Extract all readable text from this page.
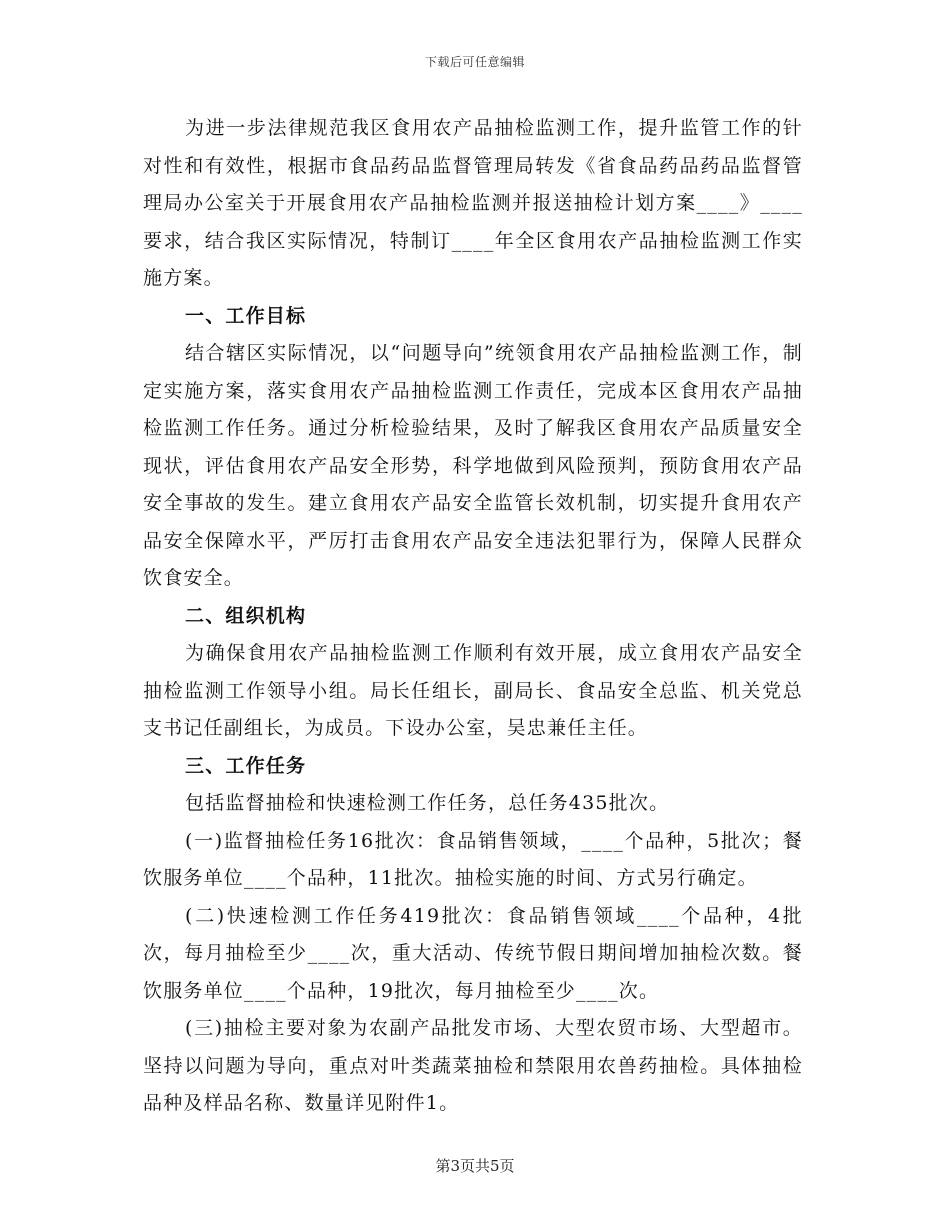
下载后可任意编辑

为进一步法律规范我区食用农产品抽检监测工作，提升监管工作的针对性和有效性，根据市食品药品监督管理局转发《省食品药品药品监督管理局办公室关于开展食用农产品抽检监测并报送抽检计划方案____》____要求，结合我区实际情况，特制订____年全区食用农产品抽检监测工作实施方案。

一、工作目标

结合辖区实际情况，以“问题导向”统领食用农产品抽检监测工作，制定实施方案，落实食用农产品抽检监测工作责任，完成本区食用农产品抽检监测工作任务。通过分析检验结果，及时了解我区食用农产品质量安全现状，评估食用农产品安全形势，科学地做到风险预判，预防食用农产品安全事故的发生。建立食用农产品安全监管长效机制，切实提升食用农产品安全保障水平，严厉打击食用农产品安全违法犯罪行为，保障人民群众饮食安全。

二、组织机构

为确保食用农产品抽检监测工作顺利有效开展，成立食用农产品安全抽检监测工作领导小组。局长任组长，副局长、食品安全总监、机关党总支书记任副组长，为成员。下设办公室，吴忠兼任主任。

三、工作任务

包括监督抽检和快速检测工作任务，总任务435批次。

(一)监督抽检任务16批次：食品销售领域，____个品种，5批次；餐饮服务单位____个品种，11批次。抽检实施的时间、方式另行确定。

(二)快速检测工作任务419批次：食品销售领域____个品种，4批次，每月抽检至少____次，重大活动、传统节假日期间增加抽检次数。餐饮服务单位____个品种，19批次，每月抽检至少____次。

(三)抽检主要对象为农副产品批发市场、大型农贸市场、大型超市。坚持以问题为导向，重点对叶类蔬菜抽检和禁限用农兽药抽检。具体抽检品种及样品名称、数量详见附件1。

第3页共5页
